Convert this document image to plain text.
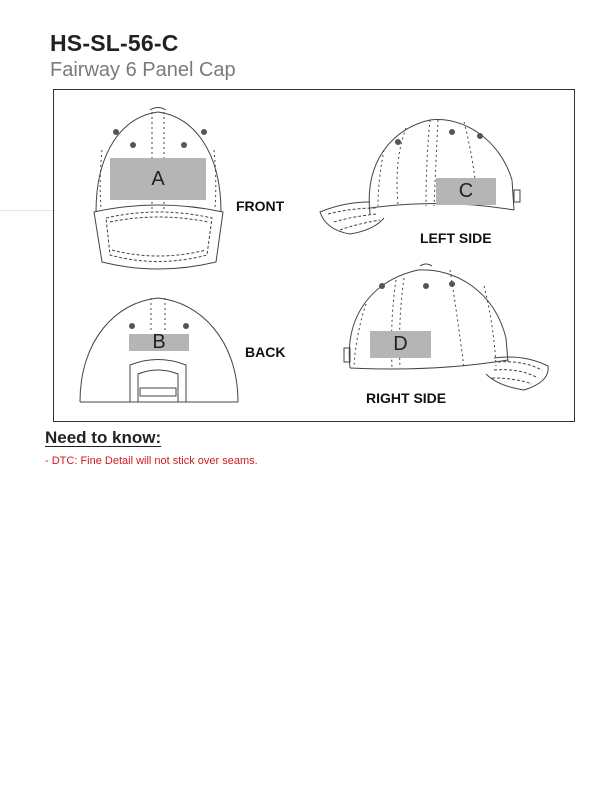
HS-SL-56-C
Fairway 6 Panel Cap
A
FRONT
B	BACK
C
LEFT SIDE
D
RIGHT SIDE
Need to know:
- DTC: Fine Detail will not stick over seams.
